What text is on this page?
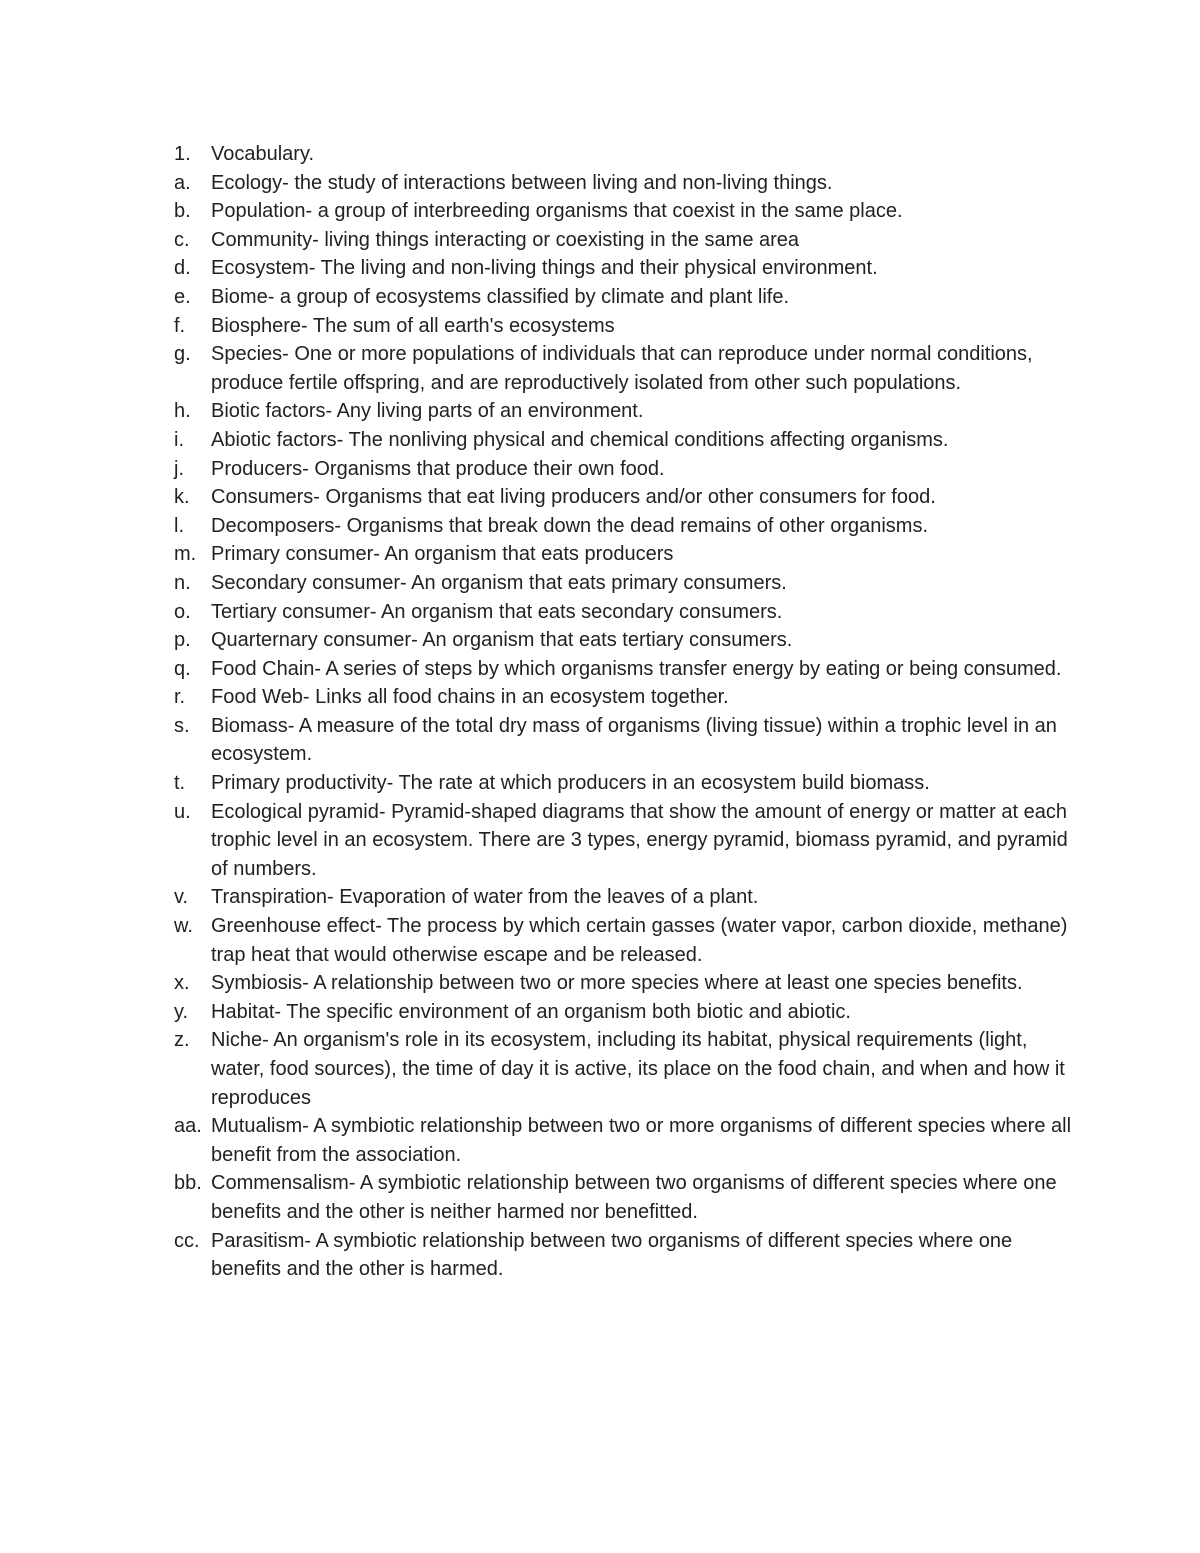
1.	Vocabulary.
a.	Ecology- the study of interactions between living and non-living things.
b.	Population- a group of interbreeding organisms that coexist in the same place.
c.	Community- living things interacting or coexisting in the same area
d.	Ecosystem- The living and non-living things and their physical environment.
e.	Biome- a group of ecosystems classified by climate and plant life.
f.	Biosphere- The sum of all earth's ecosystems
g.	Species- One or more populations of individuals that can reproduce under normal conditions, produce fertile offspring, and are reproductively isolated from other such populations.
h.	Biotic factors- Any living parts of an environment.
i.	Abiotic factors- The nonliving physical and chemical conditions affecting organisms.
j.	Producers- Organisms that produce their own food.
k.	Consumers- Organisms that eat living producers and/or other consumers for food.
l.	Decomposers- Organisms that break down the dead remains of other organisms.
m. Primary consumer- An organism that eats producers
n.	Secondary consumer- An organism that eats primary consumers.
o.	Tertiary consumer- An organism that eats secondary consumers.
p.	Quarternary consumer- An organism that eats tertiary consumers.
q.	Food Chain- A series of steps by which organisms transfer energy by eating or being consumed.
r.	Food Web- Links all food chains in an ecosystem together.
s.	Biomass- A measure of the total dry mass of organisms (living tissue) within a trophic level in an ecosystem.
t.	Primary productivity- The rate at which producers in an ecosystem build biomass.
u.	Ecological pyramid- Pyramid-shaped diagrams that show the amount of energy or matter at each trophic level in an ecosystem. There are 3 types, energy pyramid, biomass pyramid, and pyramid of numbers.
v.	Transpiration- Evaporation of water from the leaves of a plant.
w. Greenhouse effect- The process by which certain gasses (water vapor, carbon dioxide, methane) trap heat that would otherwise escape and be released.
x.	Symbiosis- A relationship between two or more species where at least one species benefits.
y.	Habitat- The specific environment of an organism both biotic and abiotic.
z.	Niche- An organism's role in its ecosystem, including its habitat, physical requirements (light, water, food sources), the time of day it is active, its place on the food chain, and when and how it reproduces
aa. Mutualism- A symbiotic relationship between two or more organisms of different species where all benefit from the association.
bb. Commensalism- A symbiotic relationship between two organisms of different species where one benefits and the other is neither harmed nor benefitted.
cc. Parasitism- A symbiotic relationship between two organisms of different species where one benefits and the other is harmed.
